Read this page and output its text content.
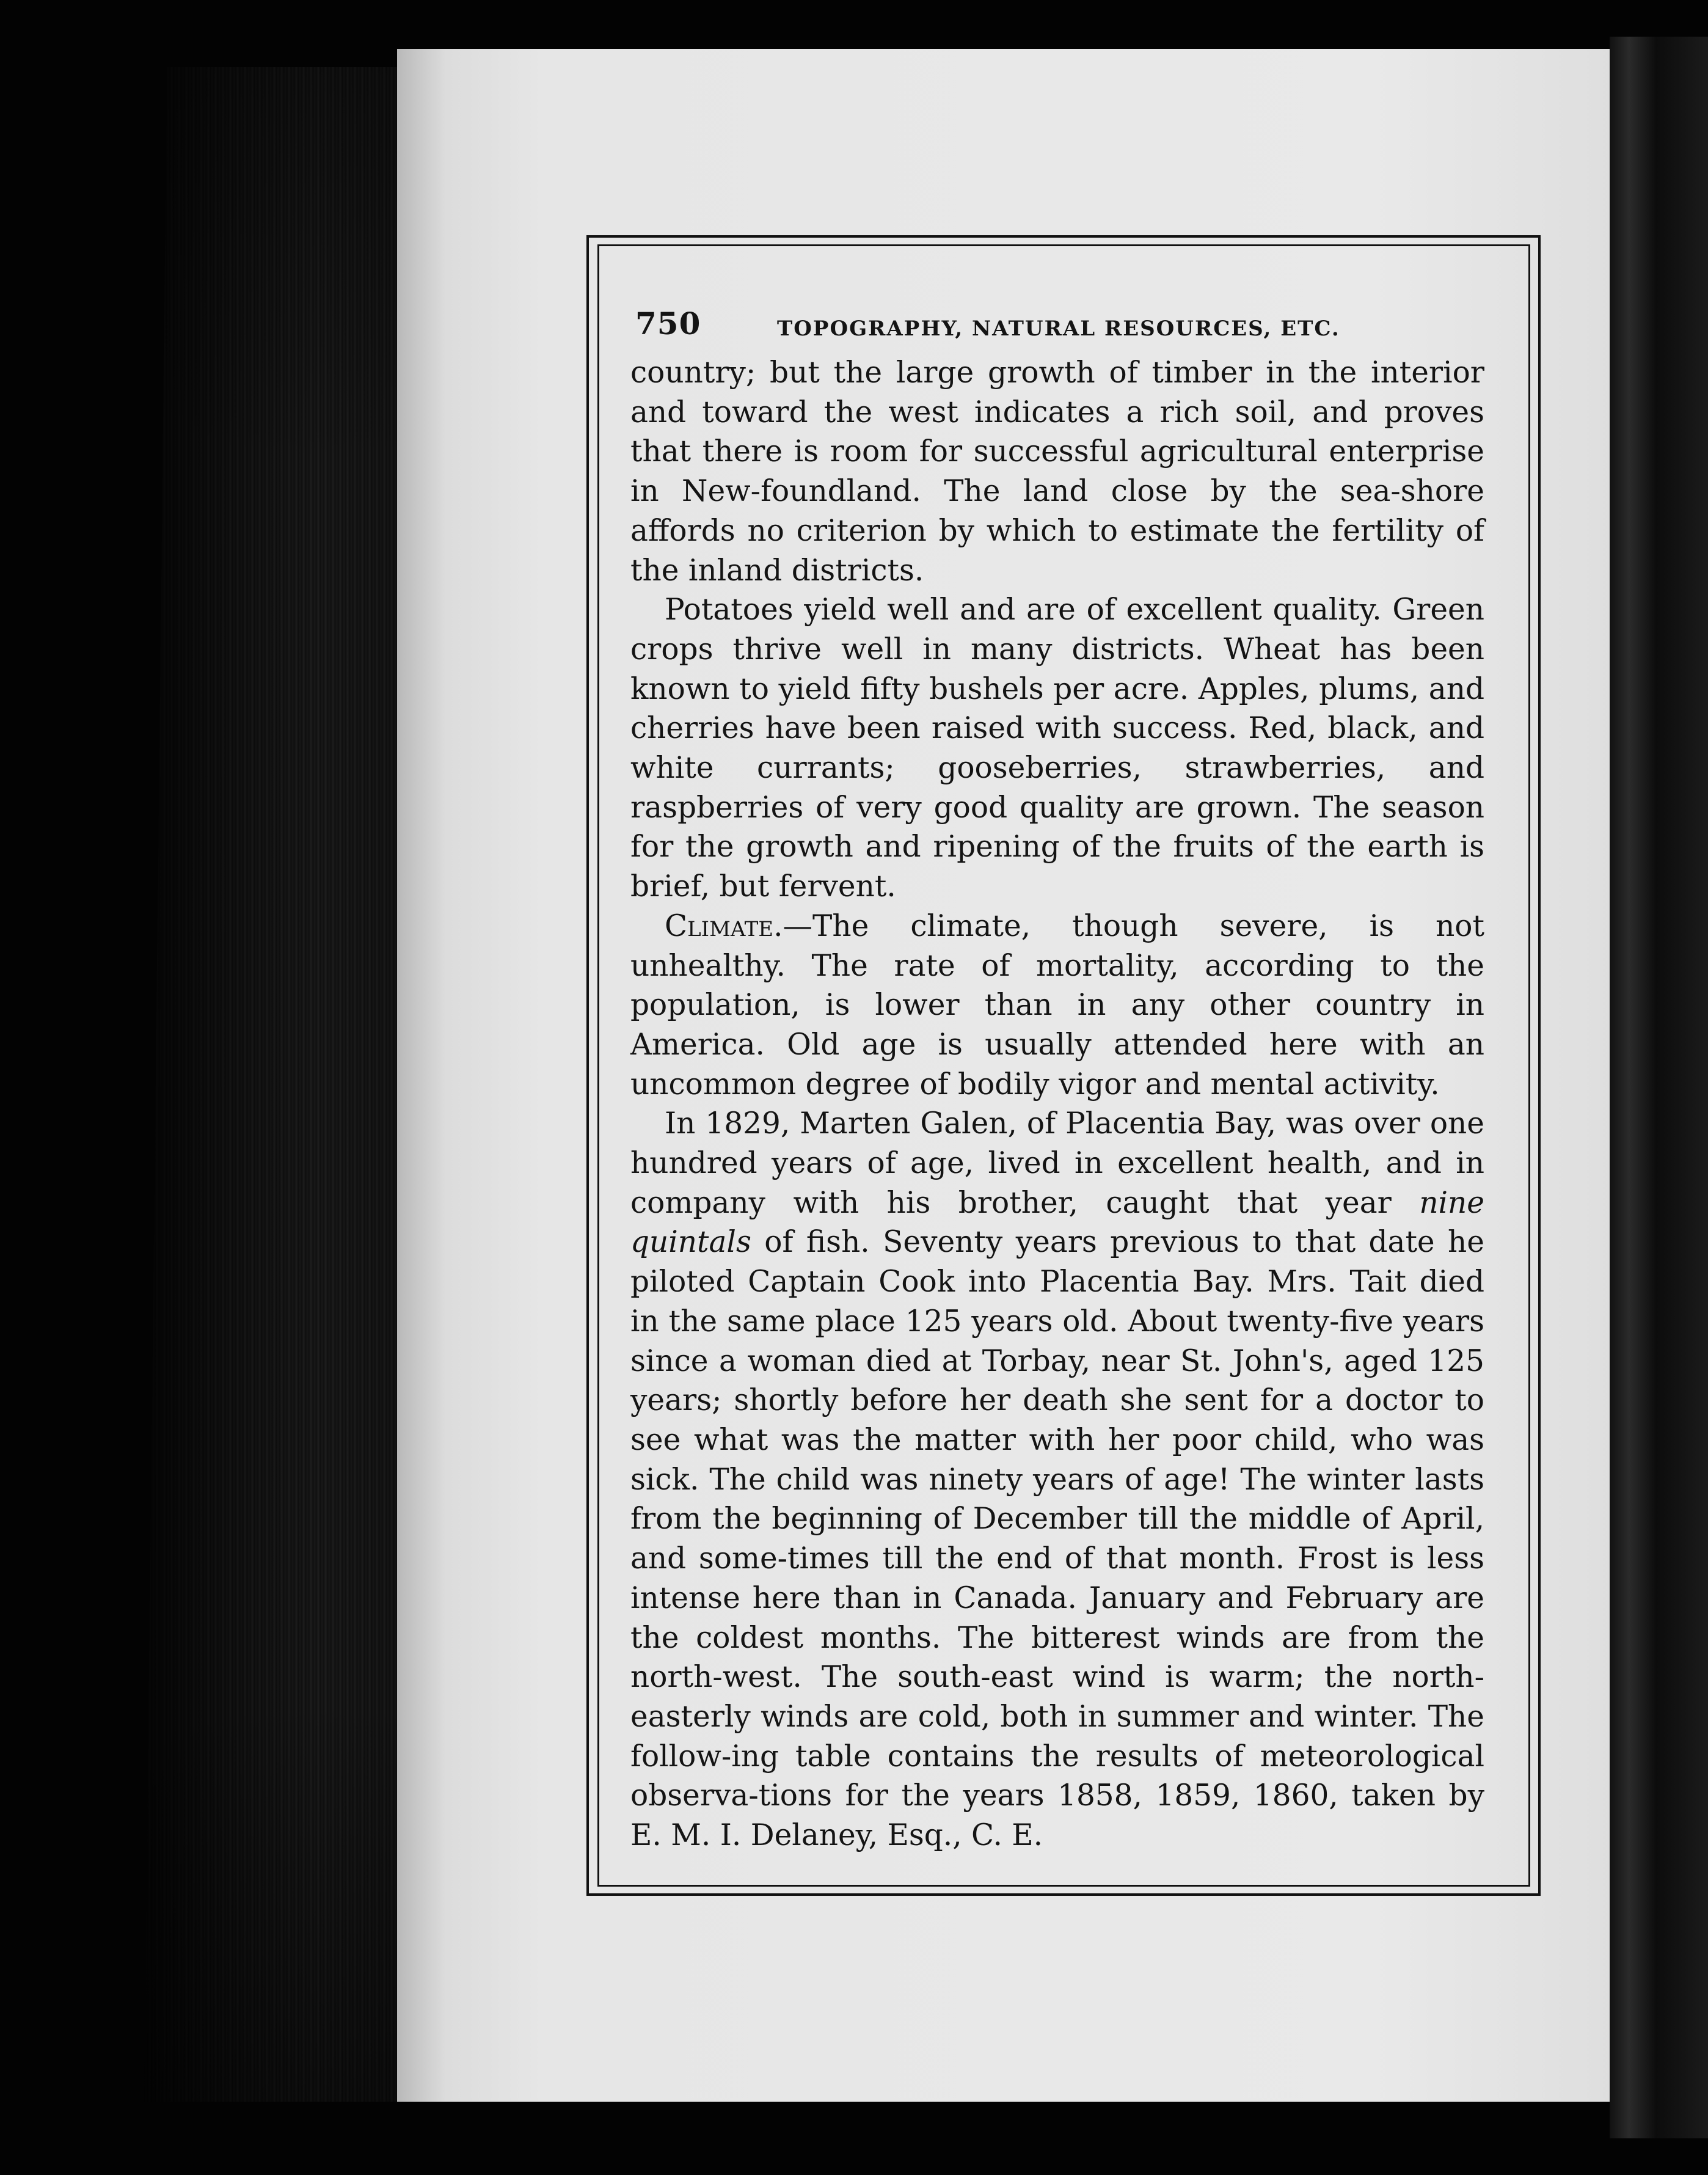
750	TOPOGRAPHY, NATURAL RESOURCES, ETC.

country; but the large growth of timber in the interior and toward the west indicates a rich soil, and proves that there is room for successful agricultural enterprise in New-foundland. The land close by the sea-shore affords no criterion by which to estimate the fertility of the inland districts.

Potatoes yield well and are of excellent quality. Green crops thrive well in many districts. Wheat has been known to yield fifty bushels per acre. Apples, plums, and cherries have been raised with success. Red, black, and white currants; gooseberries, strawberries, and raspberries of very good quality are grown. The season for the growth and ripening of the fruits of the earth is brief, but fervent.

Climate.—The climate, though severe, is not unhealthy. The rate of mortality, according to the population, is lower than in any other country in America. Old age is usually attended here with an uncommon degree of bodily vigor and mental activity.

In 1829, Marten Galen, of Placentia Bay, was over one hundred years of age, lived in excellent health, and in company with his brother, caught that year nine quintals of fish. Seventy years previous to that date he piloted Captain Cook into Placentia Bay. Mrs. Tait died in the same place 125 years old. About twenty-five years since a woman died at Torbay, near St. John's, aged 125 years; shortly before her death she sent for a doctor to see what was the matter with her poor child, who was sick. The child was ninety years of age! The winter lasts from the beginning of December till the middle of April, and some-times till the end of that month. Frost is less intense here than in Canada. January and February are the coldest months. The bitterest winds are from the north-west. The south-east wind is warm; the north-easterly winds are cold, both in summer and winter. The follow-ing table contains the results of meteorological observa-tions for the years 1858, 1859, 1860, taken by E. M. I. Delaney, Esq., C. E.
